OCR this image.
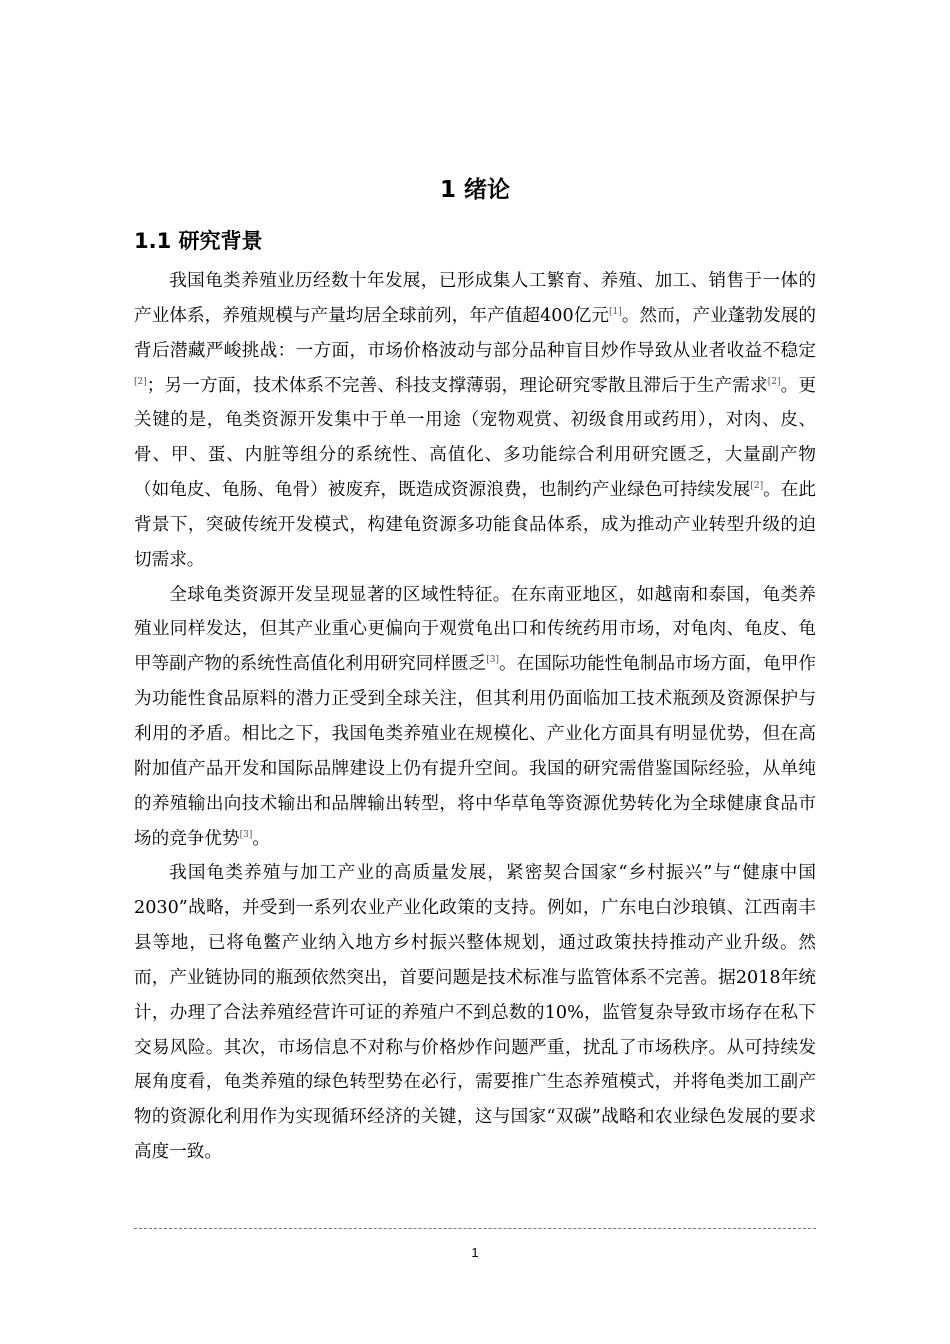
1 绪论
1.1 研究背景

我国龟类养殖业历经数十年发展，已形成集人工繁育、养殖、加工、销售于一体的产业体系，养殖规模与产量均居全球前列，年产值超400亿元[1]。然而，产业蓬勃发展的背后潜藏严峻挑战：一方面，市场价格波动与部分品种盲目炒作导致从业者收益不稳定[2]；另一方面，技术体系不完善、科技支撑薄弱，理论研究零散且滞后于生产需求[2]。更关键的是，龟类资源开发集中于单一用途（宠物观赏、初级食用或药用），对肉、皮、骨、甲、蛋、内脏等组分的系统性、高值化、多功能综合利用研究匮乏，大量副产物（如龟皮、龟肠、龟骨）被废弃，既造成资源浪费，也制约产业绿色可持续发展[2]。在此背景下，突破传统开发模式，构建龟资源多功能食品体系，成为推动产业转型升级的迫切需求。

全球龟类资源开发呈现显著的区域性特征。在东南亚地区，如越南和泰国，龟类养殖业同样发达，但其产业重心更偏向于观赏龟出口和传统药用市场，对龟肉、龟皮、龟甲等副产物的系统性高值化利用研究同样匮乏[3]。在国际功能性龟制品市场方面，龟甲作为功能性食品原料的潜力正受到全球关注，但其利用仍面临加工技术瓶颈及资源保护与利用的矛盾。相比之下，我国龟类养殖业在规模化、产业化方面具有明显优势，但在高附加值产品开发和国际品牌建设上仍有提升空间。我国的研究需借鉴国际经验，从单纯的养殖输出向技术输出和品牌输出转型，将中华草龟等资源优势转化为全球健康食品市场的竞争优势[3]。

我国龟类养殖与加工产业的高质量发展，紧密契合国家“乡村振兴”与“健康中国2030”战略，并受到一系列农业产业化政策的支持。例如，广东电白沙琅镇、江西南丰县等地，已将龟鳖产业纳入地方乡村振兴整体规划，通过政策扶持推动产业升级。然而，产业链协同的瓶颈依然突出，首要问题是技术标准与监管体系不完善。据2018年统计，办理了合法养殖经营许可证的养殖户不到总数的10%，监管复杂导致市场存在私下交易风险。其次，市场信息不对称与价格炒作问题严重，扰乱了市场秩序。从可持续发展角度看，龟类养殖的绿色转型势在必行，需要推广生态养殖模式，并将龟类加工副产物的资源化利用作为实现循环经济的关键，这与国家“双碳”战略和农业绿色发展的要求高度一致。

1
